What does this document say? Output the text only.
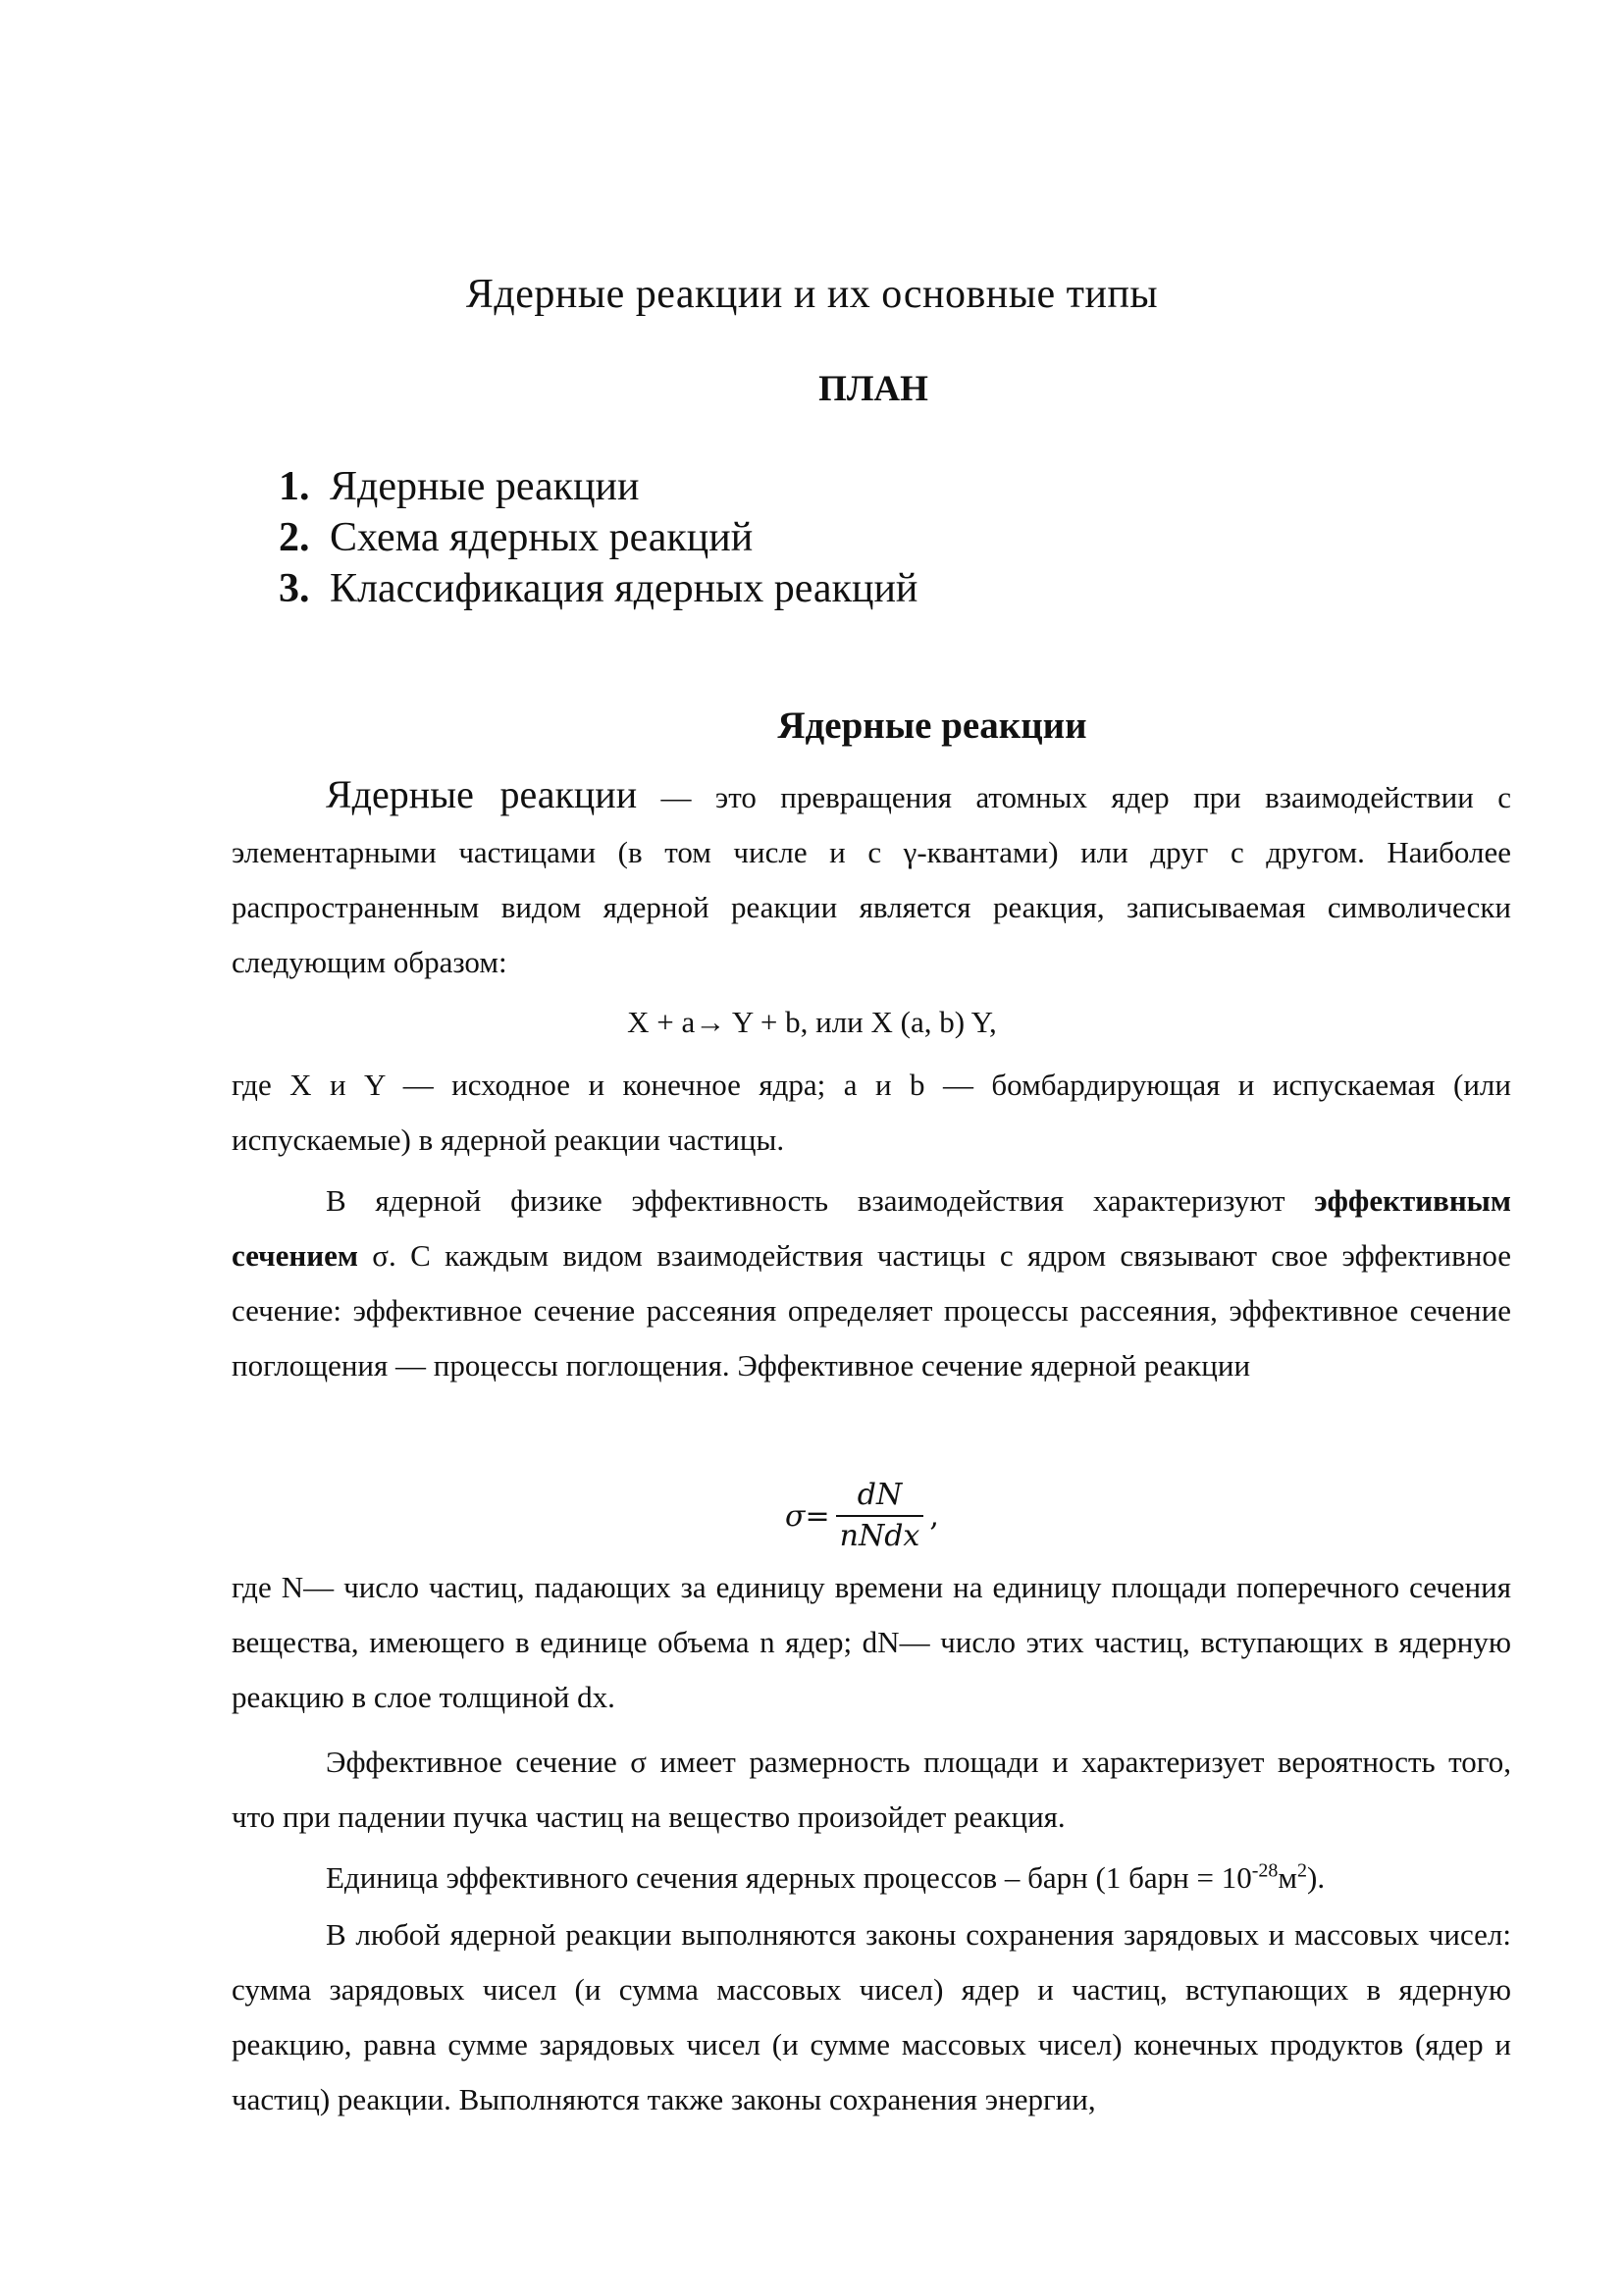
Ядерные реакции и их основные типы
ПЛАН
1. Ядерные реакции
2. Схема ядерных реакций
3. Классификация ядерных реакций
Ядерные реакции

Ядерные реакции — это превращения атомных ядер при взаимодействии с элементарными частицами (в том числе и с γ-квантами) или друг с другом. Наиболее распространенным видом ядерной реакции является реакция, записываемая символически следующим образом:

X + a→ Y + b, или X (a, b) Y,

где X и Y — исходное и конечное ядра; а и b — бомбардирующая и испускаемая (или испускаемые) в ядерной реакции частицы.

В ядерной физике эффективность взаимодействия характеризуют эффективным сечением σ. С каждым видом взаимодействия частицы с ядром связывают свое эффективное сечение: эффективное сечение рассеяния определяет процессы рассеяния, эффективное сечение поглощения — процессы поглощения. Эффективное сечение ядерной реакции

$\sigma = \frac{dN}{\text{nNdx}}$ ,

где N— число частиц, падающих за единицу времени на единицу площади поперечного сечения вещества, имеющего в единице объема n ядер; dN— число этих частиц, вступающих в ядерную реакцию в слое толщиной dx.

Эффективное сечение σ имеет размерность площади и характеризует вероятность того, что при падении пучка частиц на вещество произойдет реакция.

Единица эффективного сечения ядерных процессов – барн (1 барн = $10^{-28}м^2$).

В любой ядерной реакции выполняются законы сохранения зарядовых и массовых чисел: сумма зарядовых чисел (и сумма массовых чисел) ядер и частиц, вступающих в ядерную реакцию, равна сумме зарядовых чисел (и сумме массовых чисел) конечных продуктов (ядер и частиц) реакции. Выполняются также законы сохранения энергии,
